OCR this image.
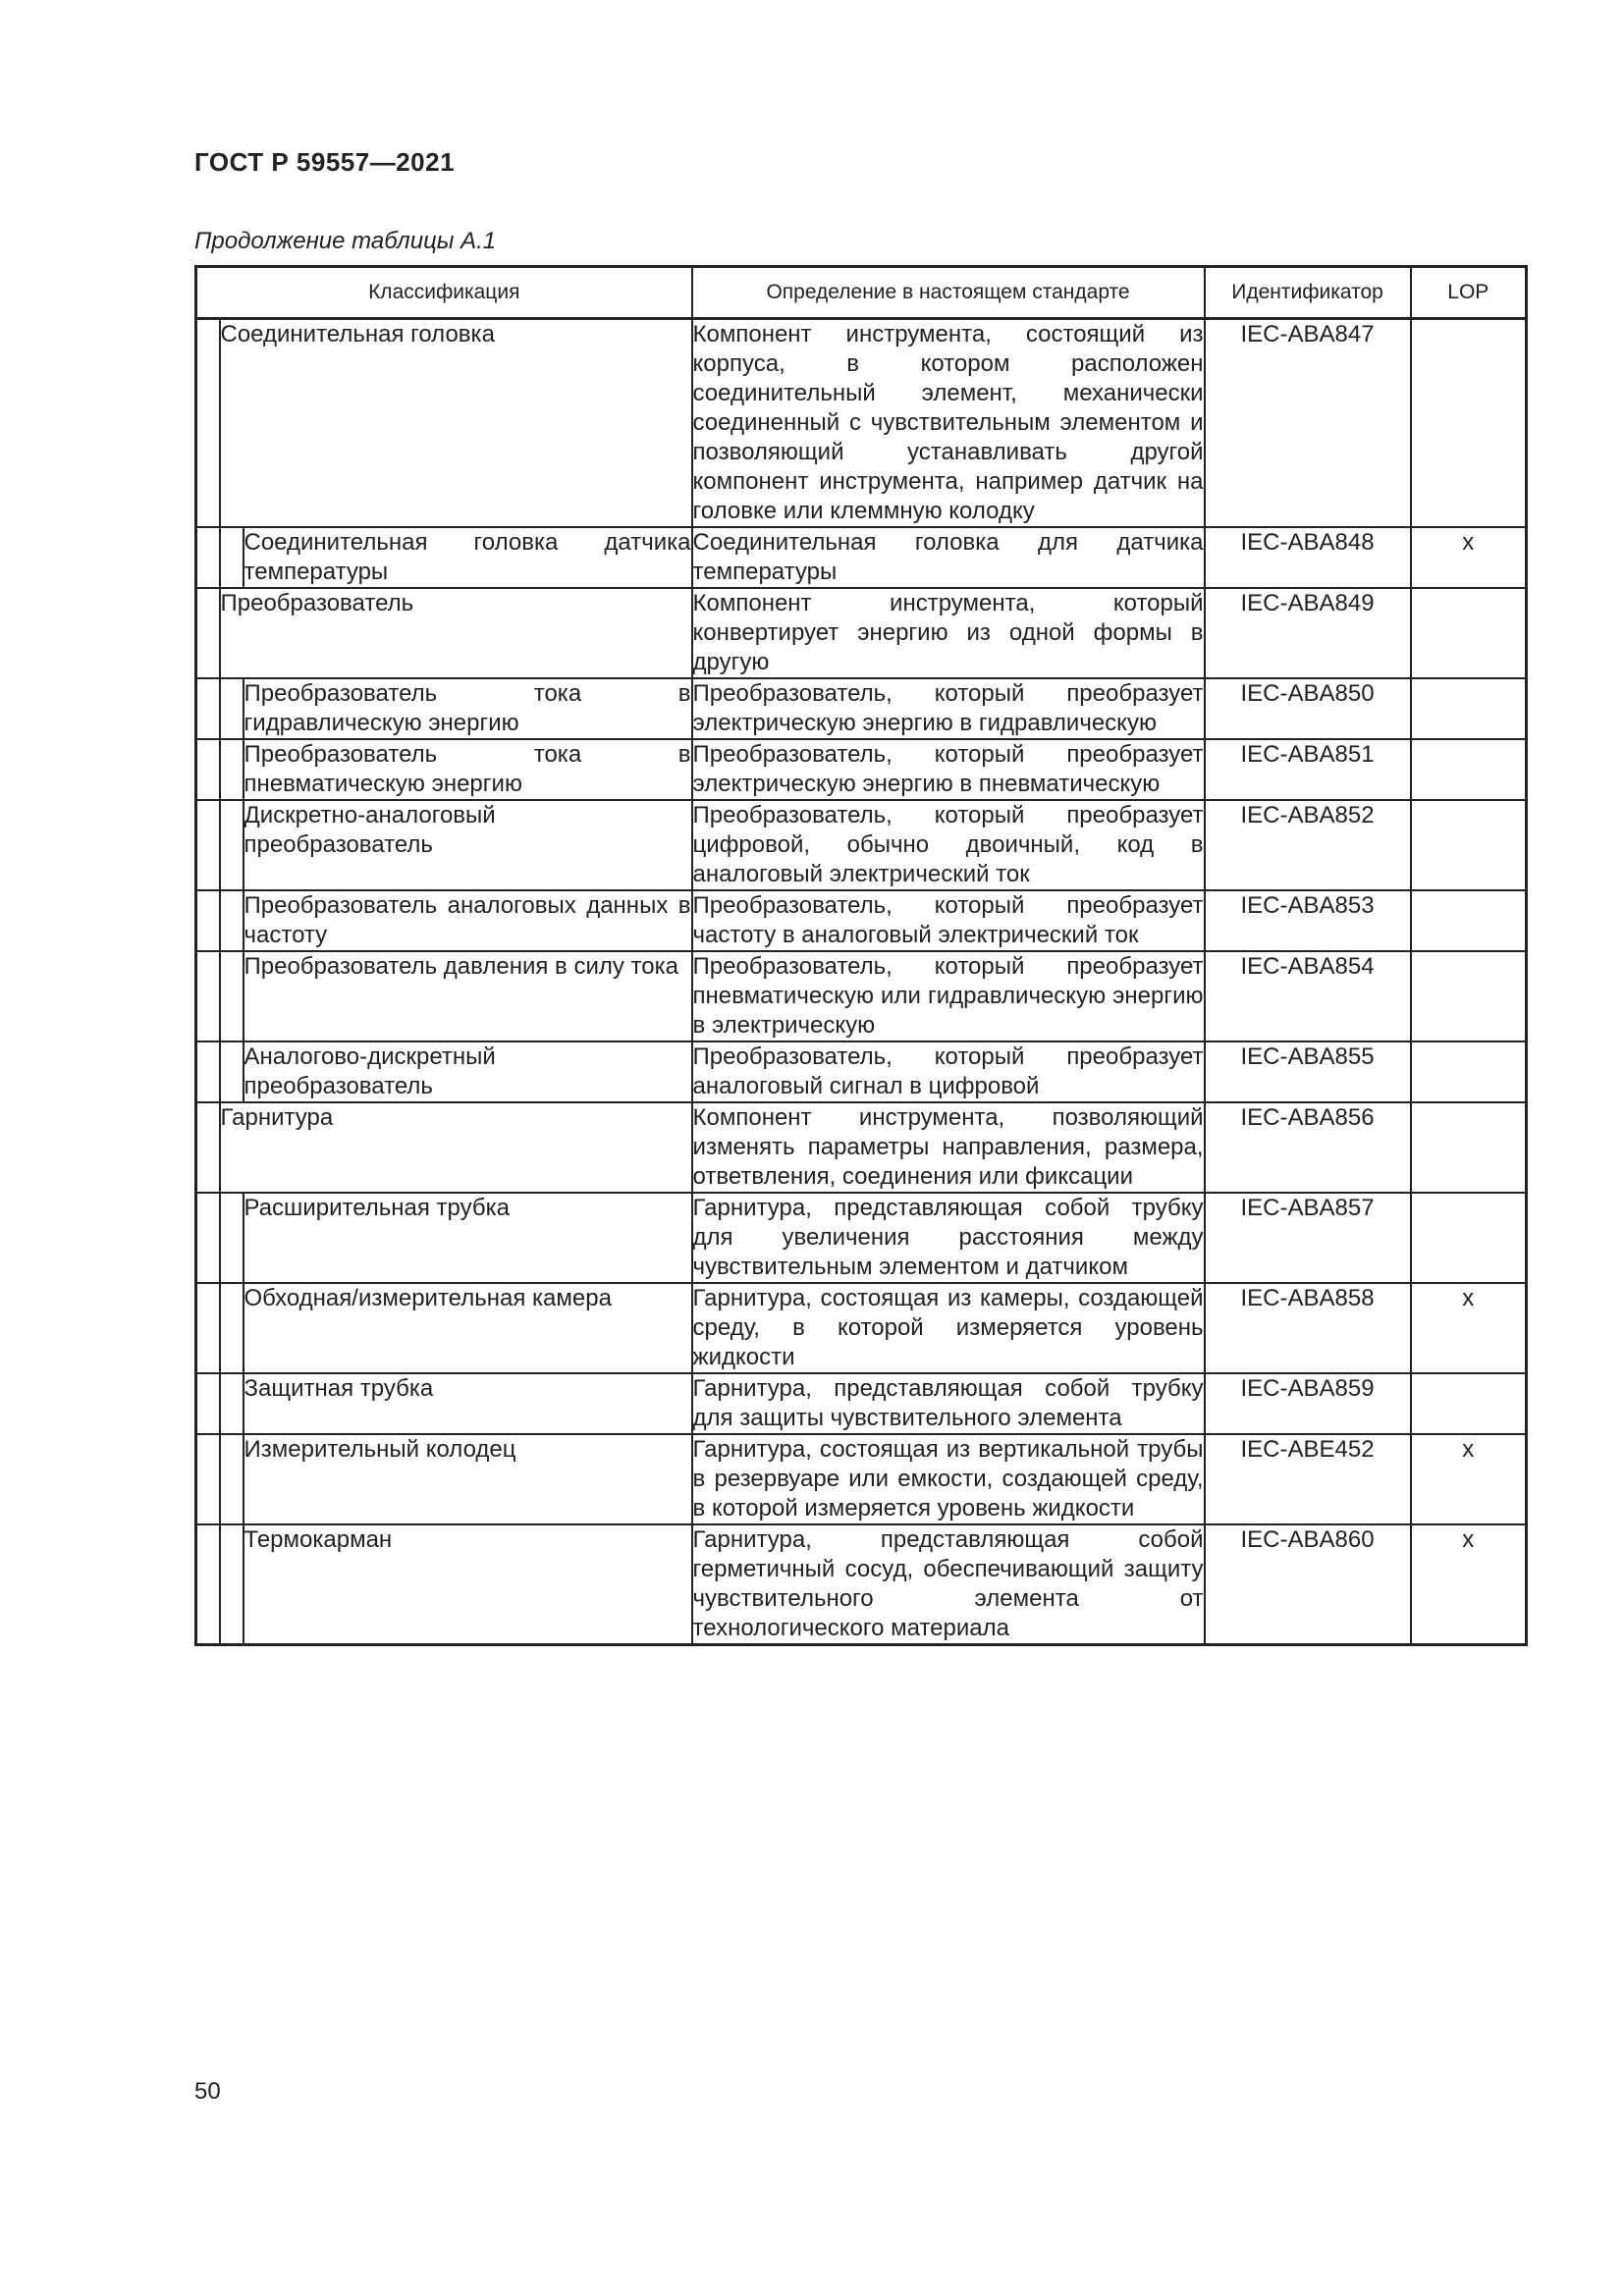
ГОСТ Р 59557—2021
Продолжение таблицы А.1
Классификация			Определение в настоящем стандарте	Идентификатор	LOP

	Соединительная головка		Компонент инструмента, состоящий из корпуса, в котором расположен соединительный элемент, механически соединенный с чувствительным элементом и позволяющий устанавливать другой компонент инструмента, например датчик на головке или клеммную колодку	IEC-ABA847	

		Соединительная головка датчика температуры	Соединительная головка для датчика температуры	IEC-ABA848	x

	Преобразователь		Компонент инструмента, который конвертирует энергию из одной формы в другую	IEC-ABA849	

		Преобразователь тока в гидравлическую энергию	Преобразователь, который преобразует электрическую энергию в гидравлическую	IEC-ABA850	

		Преобразователь тока в пневматическую энергию	Преобразователь, который преобразует электрическую энергию в пневматическую	IEC-ABA851	

		Дискретно-аналоговый преобразователь	Преобразователь, который преобразует цифровой, обычно двоичный, код в аналоговый электрический ток	IEC-ABA852	

		Преобразователь аналоговых данных в частоту	Преобразователь, который преобразует частоту в аналоговый электрический ток	IEC-ABA853	

		Преобразователь давления в силу тока	Преобразователь, который преобразует пневматическую или гидравлическую энергию в электрическую	IEC-ABA854	

		Аналогово-дискретный преобразователь	Преобразователь, который преобразует аналоговый сигнал в цифровой	IEC-ABA855	

	Гарнитура		Компонент инструмента, позволяющий изменять параметры направления, размера, ответвления, соединения или фиксации	IEC-ABA856	

		Расширительная трубка	Гарнитура, представляющая собой трубку для увеличения расстояния между чувствительным элементом и датчиком	IEC-ABA857	

		Обходная/измерительная камера	Гарнитура, состоящая из камеры, создающей среду, в которой измеряется уровень жидкости	IEC-ABA858	x

		Защитная трубка	Гарнитура, представляющая собой трубку для защиты чувствительного элемента	IEC-ABA859	

		Измерительный колодец	Гарнитура, состоящая из вертикальной трубы в резервуаре или емкости, создающей среду, в которой измеряется уровень жидкости	IEC-ABE452	x

		Термокарман	Гарнитура, представляющая собой герметичный сосуд, обеспечивающий защиту чувствительного элемента от технологического материала	IEC-ABA860	x
50
